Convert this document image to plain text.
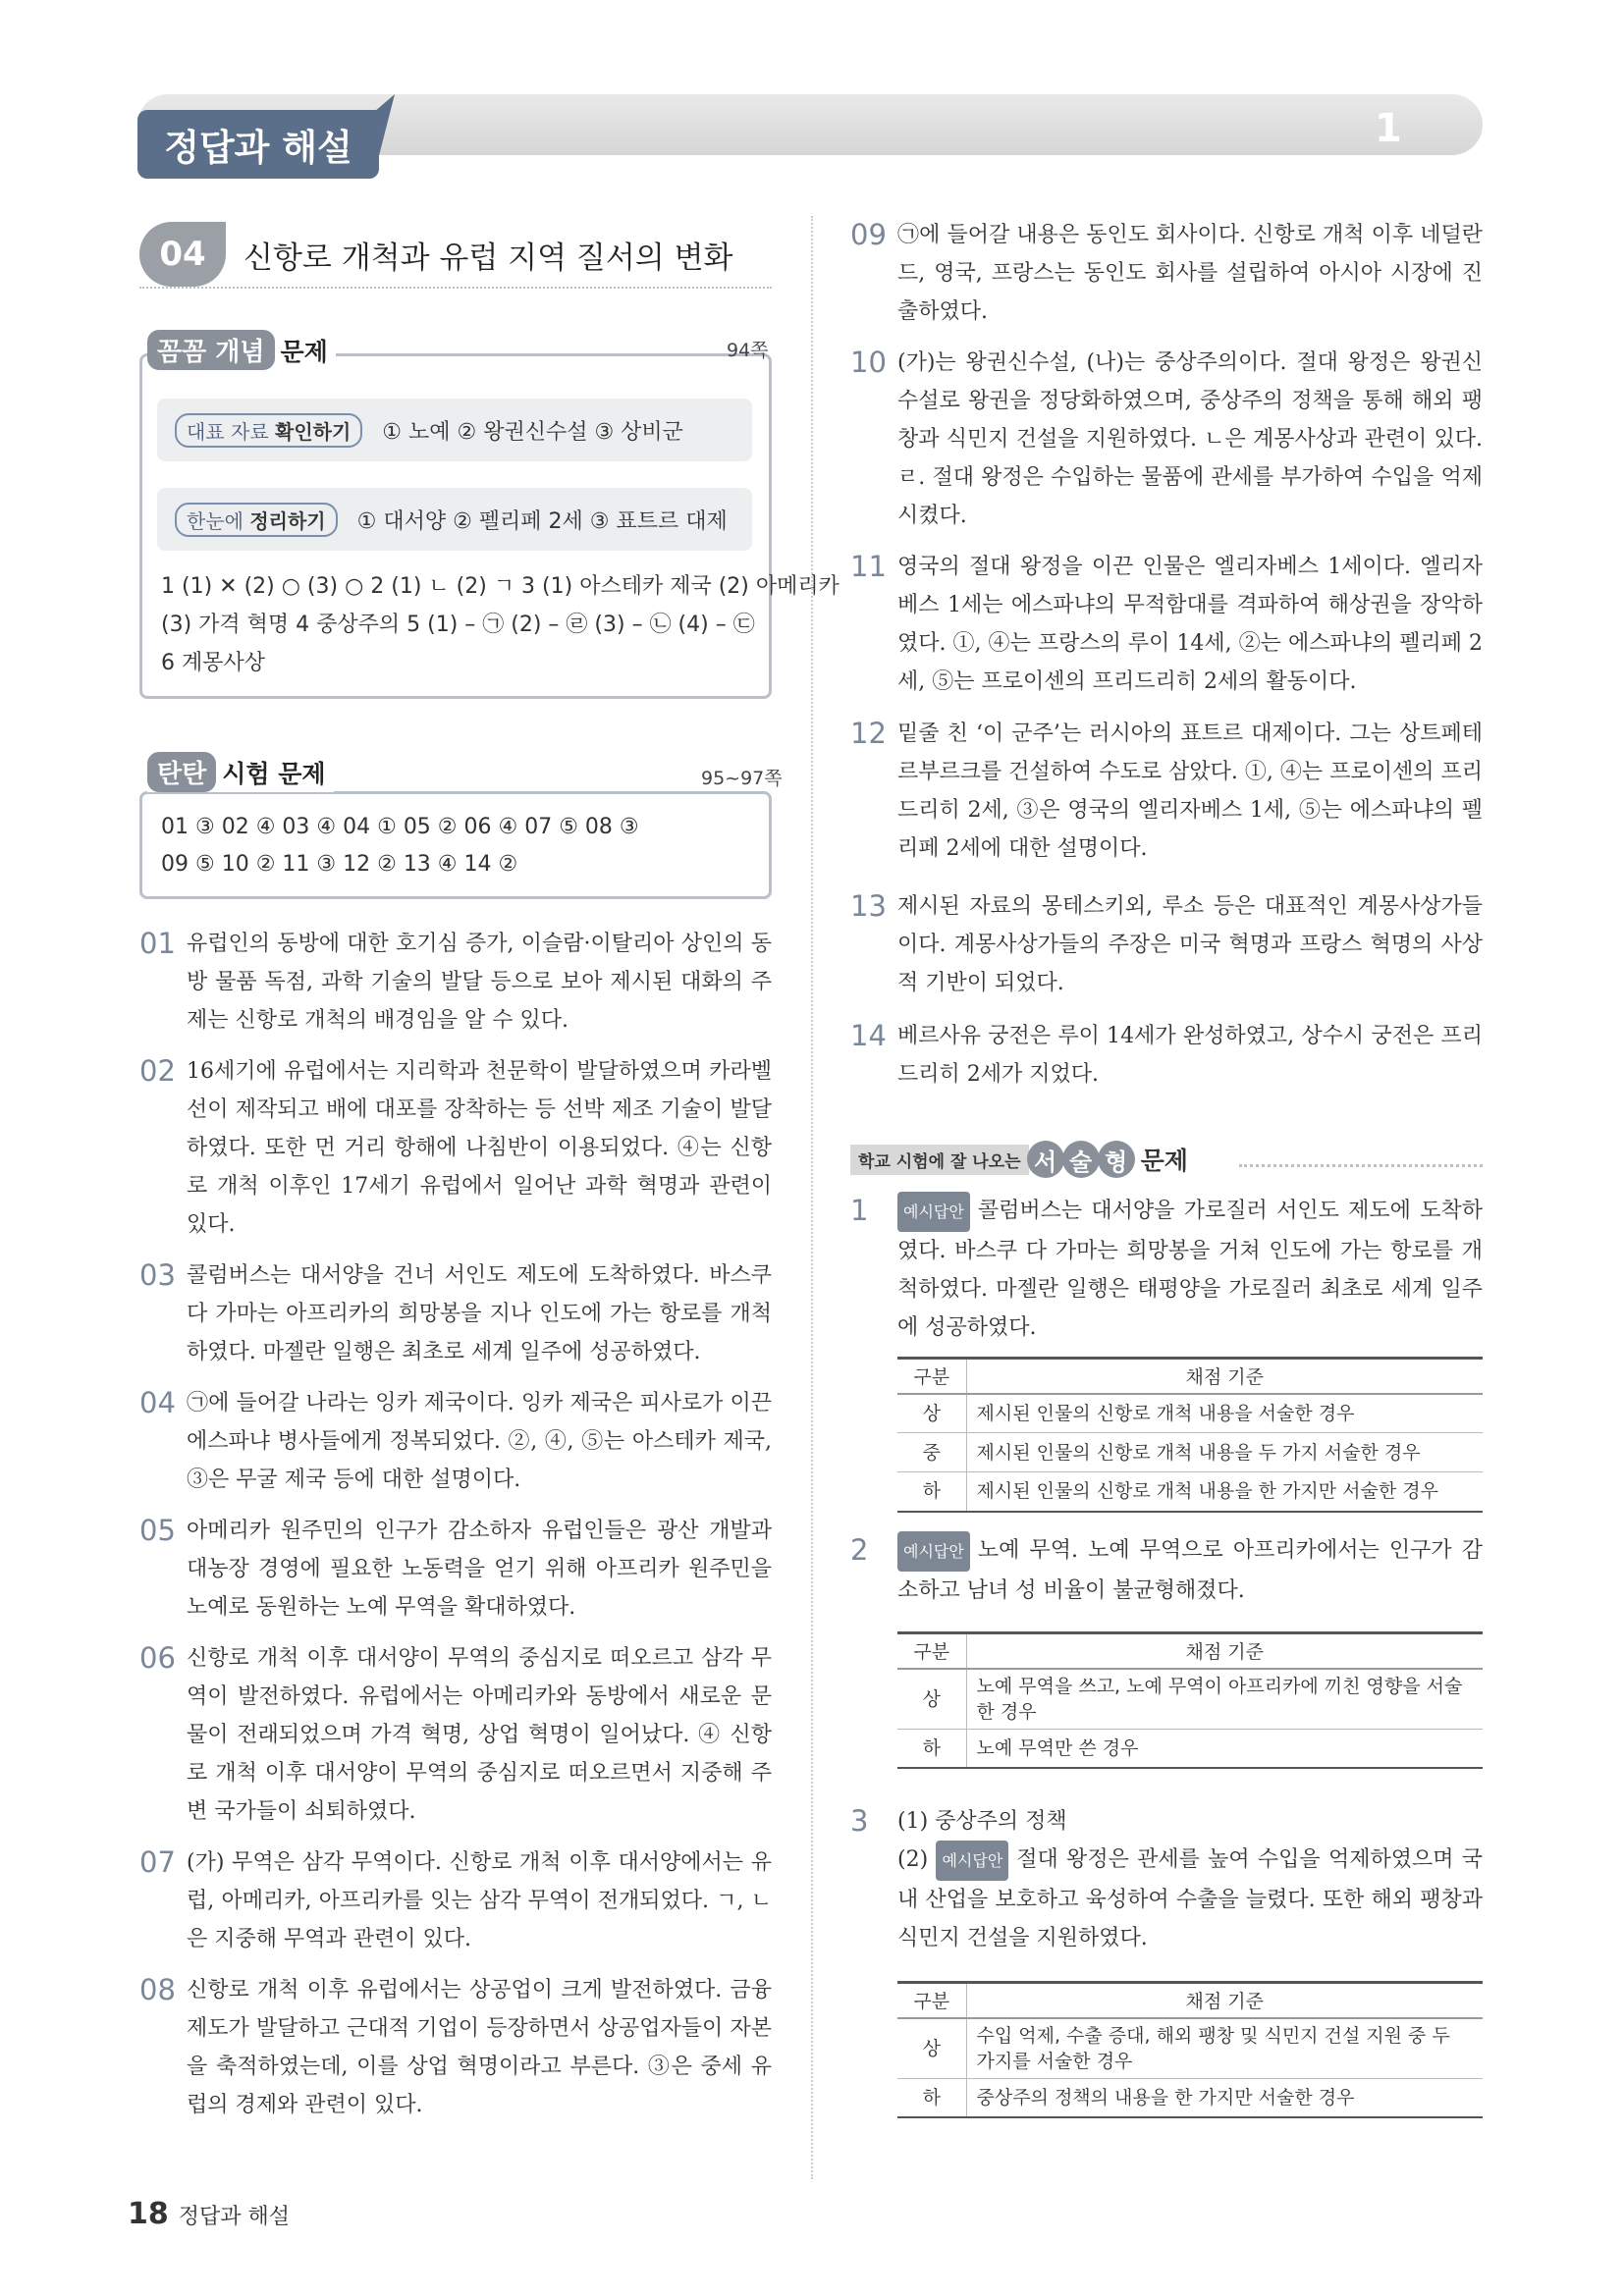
정답과 해설	1
04	신항로 개척과 유럽 지역 질서의 변화
꼼꼼 개념 문제	94쪽
대표 자료 확인하기	① 노예 ② 왕권신수설 ③ 상비군
한눈에 정리하기	① 대서양 ② 펠리페 2세 ③ 표트르 대제
1 (1) ✕ (2) ○ (3) ○ 2 (1) ㄴ (2) ㄱ 3 (1) 아스테카 제국 (2) 아메리카
(3) 가격 혁명 4 중상주의 5 (1) – ㉠ (2) – ㉣ (3) – ㉡ (4) – ㉢
6 계몽사상
탄탄 시험 문제	95~97쪽
01 ③ 02 ④ 03 ④ 04 ① 05 ② 06 ④ 07 ⑤ 08 ③
09 ⑤ 10 ② 11 ③ 12 ② 13 ④ 14 ②
01 유럽인의 동방에 대한 호기심 증가, 이슬람·이탈리아 상인의 동방 물품 독점, 과학 기술의 발달 등으로 보아 제시된 대화의 주제는 신항로 개척의 배경임을 알 수 있다.
02 16세기에 유럽에서는 지리학과 천문학이 발달하였으며 카라벨선이 제작되고 배에 대포를 장착하는 등 선박 제조 기술이 발달하였다. 또한 먼 거리 항해에 나침반이 이용되었다. ④는 신항로 개척 이후인 17세기 유럽에서 일어난 과학 혁명과 관련이 있다.
03 콜럼버스는 대서양을 건너 서인도 제도에 도착하였다. 바스쿠 다 가마는 아프리카의 희망봉을 지나 인도에 가는 항로를 개척하였다. 마젤란 일행은 최초로 세계 일주에 성공하였다.
04 ㉠에 들어갈 나라는 잉카 제국이다. 잉카 제국은 피사로가 이끈 에스파냐 병사들에게 정복되었다. ②, ④, ⑤는 아스테카 제국, ③은 무굴 제국 등에 대한 설명이다.
05 아메리카 원주민의 인구가 감소하자 유럽인들은 광산 개발과 대농장 경영에 필요한 노동력을 얻기 위해 아프리카 원주민을 노예로 동원하는 노예 무역을 확대하였다.
06 신항로 개척 이후 대서양이 무역의 중심지로 떠오르고 삼각 무역이 발전하였다. 유럽에서는 아메리카와 동방에서 새로운 문물이 전래되었으며 가격 혁명, 상업 혁명이 일어났다. ④ 신항로 개척 이후 대서양이 무역의 중심지로 떠오르면서 지중해 주변 국가들이 쇠퇴하였다.
07 (가) 무역은 삼각 무역이다. 신항로 개척 이후 대서양에서는 유럽, 아메리카, 아프리카를 잇는 삼각 무역이 전개되었다. ㄱ, ㄴ은 지중해 무역과 관련이 있다.
08 신항로 개척 이후 유럽에서는 상공업이 크게 발전하였다. 금융 제도가 발달하고 근대적 기업이 등장하면서 상공업자들이 자본을 축적하였는데, 이를 상업 혁명이라고 부른다. ③은 중세 유럽의 경제와 관련이 있다.
09 ㉠에 들어갈 내용은 동인도 회사이다. 신항로 개척 이후 네덜란드, 영국, 프랑스는 동인도 회사를 설립하여 아시아 시장에 진출하였다.
10 (가)는 왕권신수설, (나)는 중상주의이다. 절대 왕정은 왕권신수설로 왕권을 정당화하였으며, 중상주의 정책을 통해 해외 팽창과 식민지 건설을 지원하였다. ㄴ은 계몽사상과 관련이 있다. ㄹ. 절대 왕정은 수입하는 물품에 관세를 부가하여 수입을 억제시켰다.
11 영국의 절대 왕정을 이끈 인물은 엘리자베스 1세이다. 엘리자베스 1세는 에스파냐의 무적함대를 격파하여 해상권을 장악하였다. ①, ④는 프랑스의 루이 14세, ②는 에스파냐의 펠리페 2세, ⑤는 프로이센의 프리드리히 2세의 활동이다.
12 밑줄 친 ‘이 군주’는 러시아의 표트르 대제이다. 그는 상트페테르부르크를 건설하여 수도로 삼았다. ①, ④는 프로이센의 프리드리히 2세, ③은 영국의 엘리자베스 1세, ⑤는 에스파냐의 펠리페 2세에 대한 설명이다.
13 제시된 자료의 몽테스키외, 루소 등은 대표적인 계몽사상가들이다. 계몽사상가들의 주장은 미국 혁명과 프랑스 혁명의 사상적 기반이 되었다.
14 베르사유 궁전은 루이 14세가 완성하였고, 상수시 궁전은 프리드리히 2세가 지었다.
학교 시험에 잘 나오는 서 술 형 문제
1	예시답안 콜럼버스는 대서양을 가로질러 서인도 제도에 도착하였다. 바스쿠 다 가마는 희망봉을 거쳐 인도에 가는 항로를 개척하였다. 마젤란 일행은 태평양을 가로질러 최초로 세계 일주에 성공하였다.
구분	채점 기준
상	제시된 인물의 신항로 개척 내용을 서술한 경우
중	제시된 인물의 신항로 개척 내용을 두 가지 서술한 경우
하	제시된 인물의 신항로 개척 내용을 한 가지만 서술한 경우
2	예시답안 노예 무역. 노예 무역으로 아프리카에서는 인구가 감소하고 남녀 성 비율이 불균형해졌다.
구분	채점 기준
상	노예 무역을 쓰고, 노예 무역이 아프리카에 끼친 영향을 서술한 경우
하	노예 무역만 쓴 경우
3	(1) 중상주의 정책
(2) 예시답안 절대 왕정은 관세를 높여 수입을 억제하였으며 국내 산업을 보호하고 육성하여 수출을 늘렸다. 또한 해외 팽창과 식민지 건설을 지원하였다.
구분	채점 기준
상	수입 억제, 수출 증대, 해외 팽창 및 식민지 건설 지원 중 두 가지를 서술한 경우
하	중상주의 정책의 내용을 한 가지만 서술한 경우
18 정답과 해설
